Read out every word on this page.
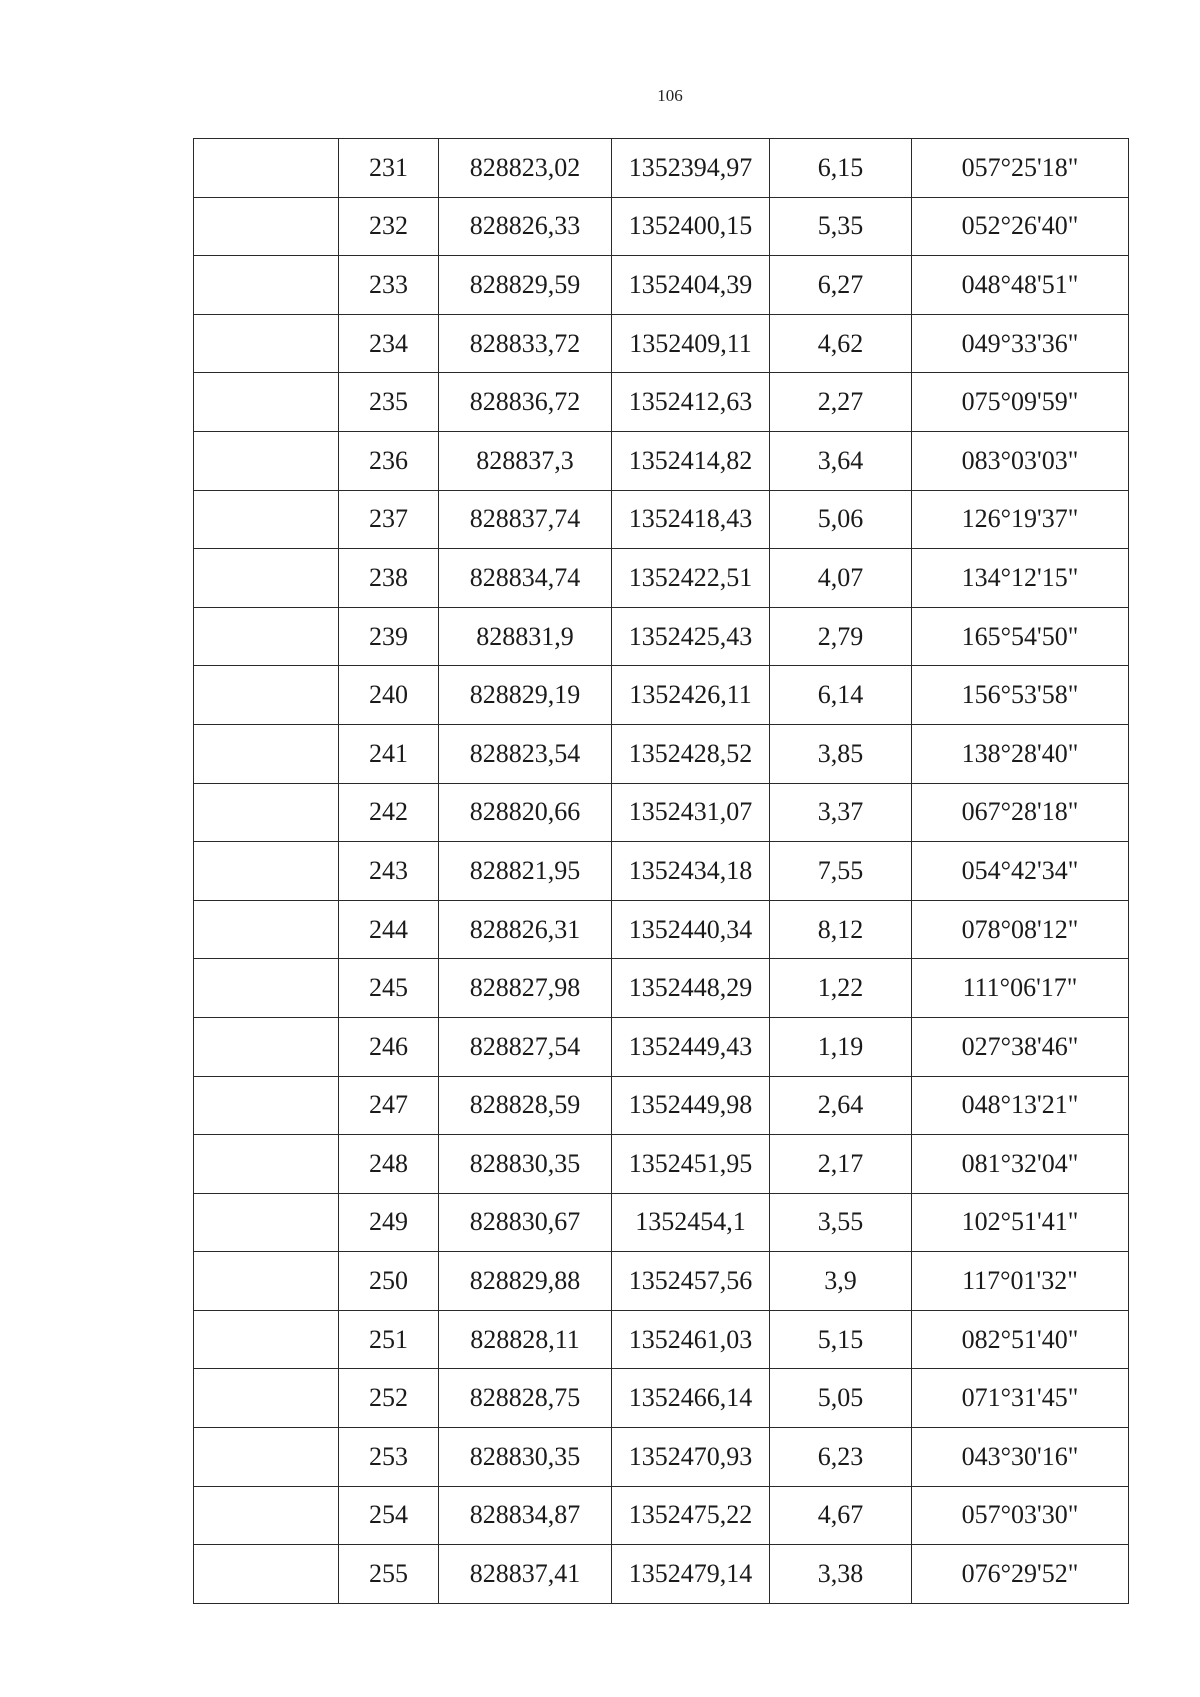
106
	231	828823,02	1352394,97	6,15	057°25'18"
	232	828826,33	1352400,15	5,35	052°26'40"
	233	828829,59	1352404,39	6,27	048°48'51"
	234	828833,72	1352409,11	4,62	049°33'36"
	235	828836,72	1352412,63	2,27	075°09'59"
	236	828837,3	1352414,82	3,64	083°03'03"
	237	828837,74	1352418,43	5,06	126°19'37"
	238	828834,74	1352422,51	4,07	134°12'15"
	239	828831,9	1352425,43	2,79	165°54'50"
	240	828829,19	1352426,11	6,14	156°53'58"
	241	828823,54	1352428,52	3,85	138°28'40"
	242	828820,66	1352431,07	3,37	067°28'18"
	243	828821,95	1352434,18	7,55	054°42'34"
	244	828826,31	1352440,34	8,12	078°08'12"
	245	828827,98	1352448,29	1,22	111°06'17"
	246	828827,54	1352449,43	1,19	027°38'46"
	247	828828,59	1352449,98	2,64	048°13'21"
	248	828830,35	1352451,95	2,17	081°32'04"
	249	828830,67	1352454,1	3,55	102°51'41"
	250	828829,88	1352457,56	3,9	117°01'32"
	251	828828,11	1352461,03	5,15	082°51'40"
	252	828828,75	1352466,14	5,05	071°31'45"
	253	828830,35	1352470,93	6,23	043°30'16"
	254	828834,87	1352475,22	4,67	057°03'30"
	255	828837,41	1352479,14	3,38	076°29'52"
